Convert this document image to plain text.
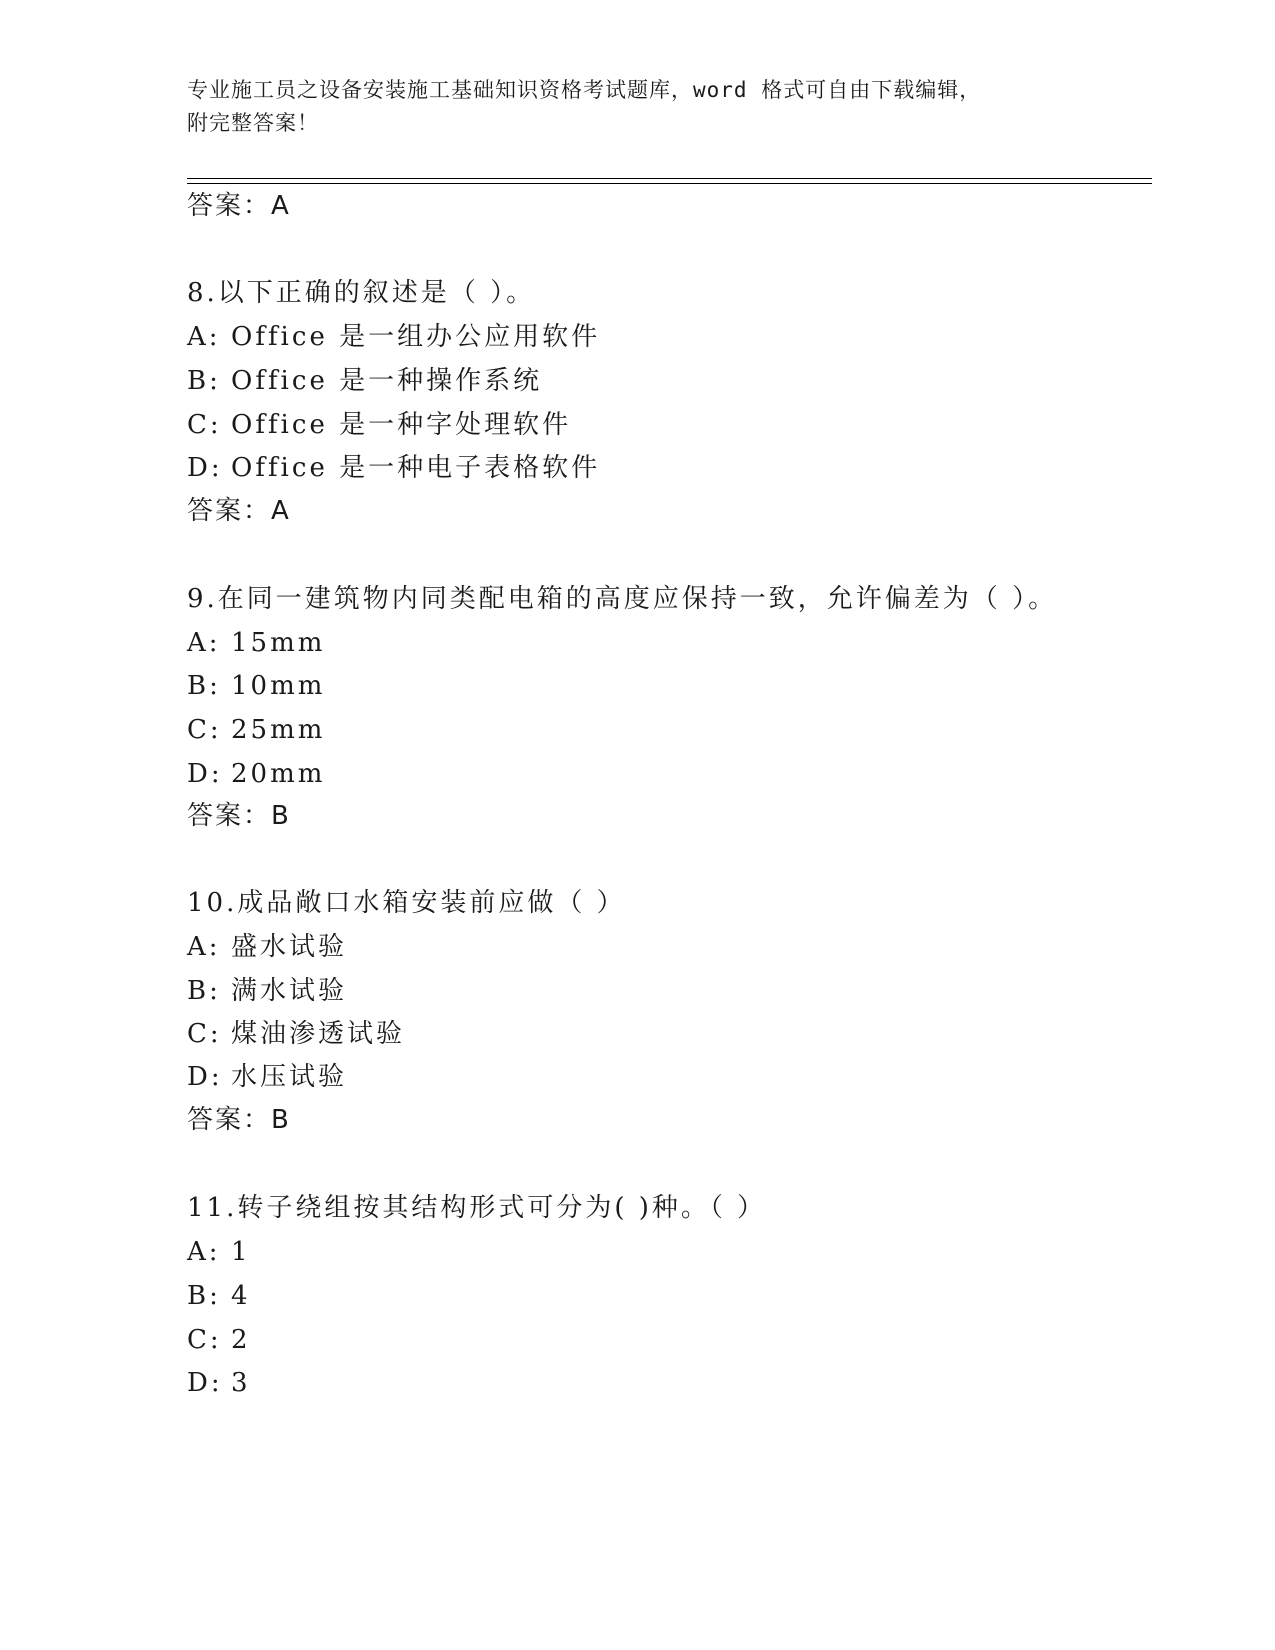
专业施工员之设备安装施工基础知识资格考试题库，word 格式可自由下载编辑，
附完整答案！
答案：A
8.以下正确的叙述是（ ）。
A: Office 是一组办公应用软件
B: Office 是一种操作系统
C: Office 是一种字处理软件
D: Office 是一种电子表格软件
答案：A
9.在同一建筑物内同类配电箱的高度应保持一致，允许偏差为（ ）。
A: 15mm
B: 10mm
C: 25mm
D: 20mm
答案：B
10.成品敞口水箱安装前应做（ ）
A: 盛水试验
B: 满水试验
C: 煤油渗透试验
D: 水压试验
答案：B
11.转子绕组按其结构形式可分为( )种。（ ）
A: 1
B: 4
C: 2
D: 3
